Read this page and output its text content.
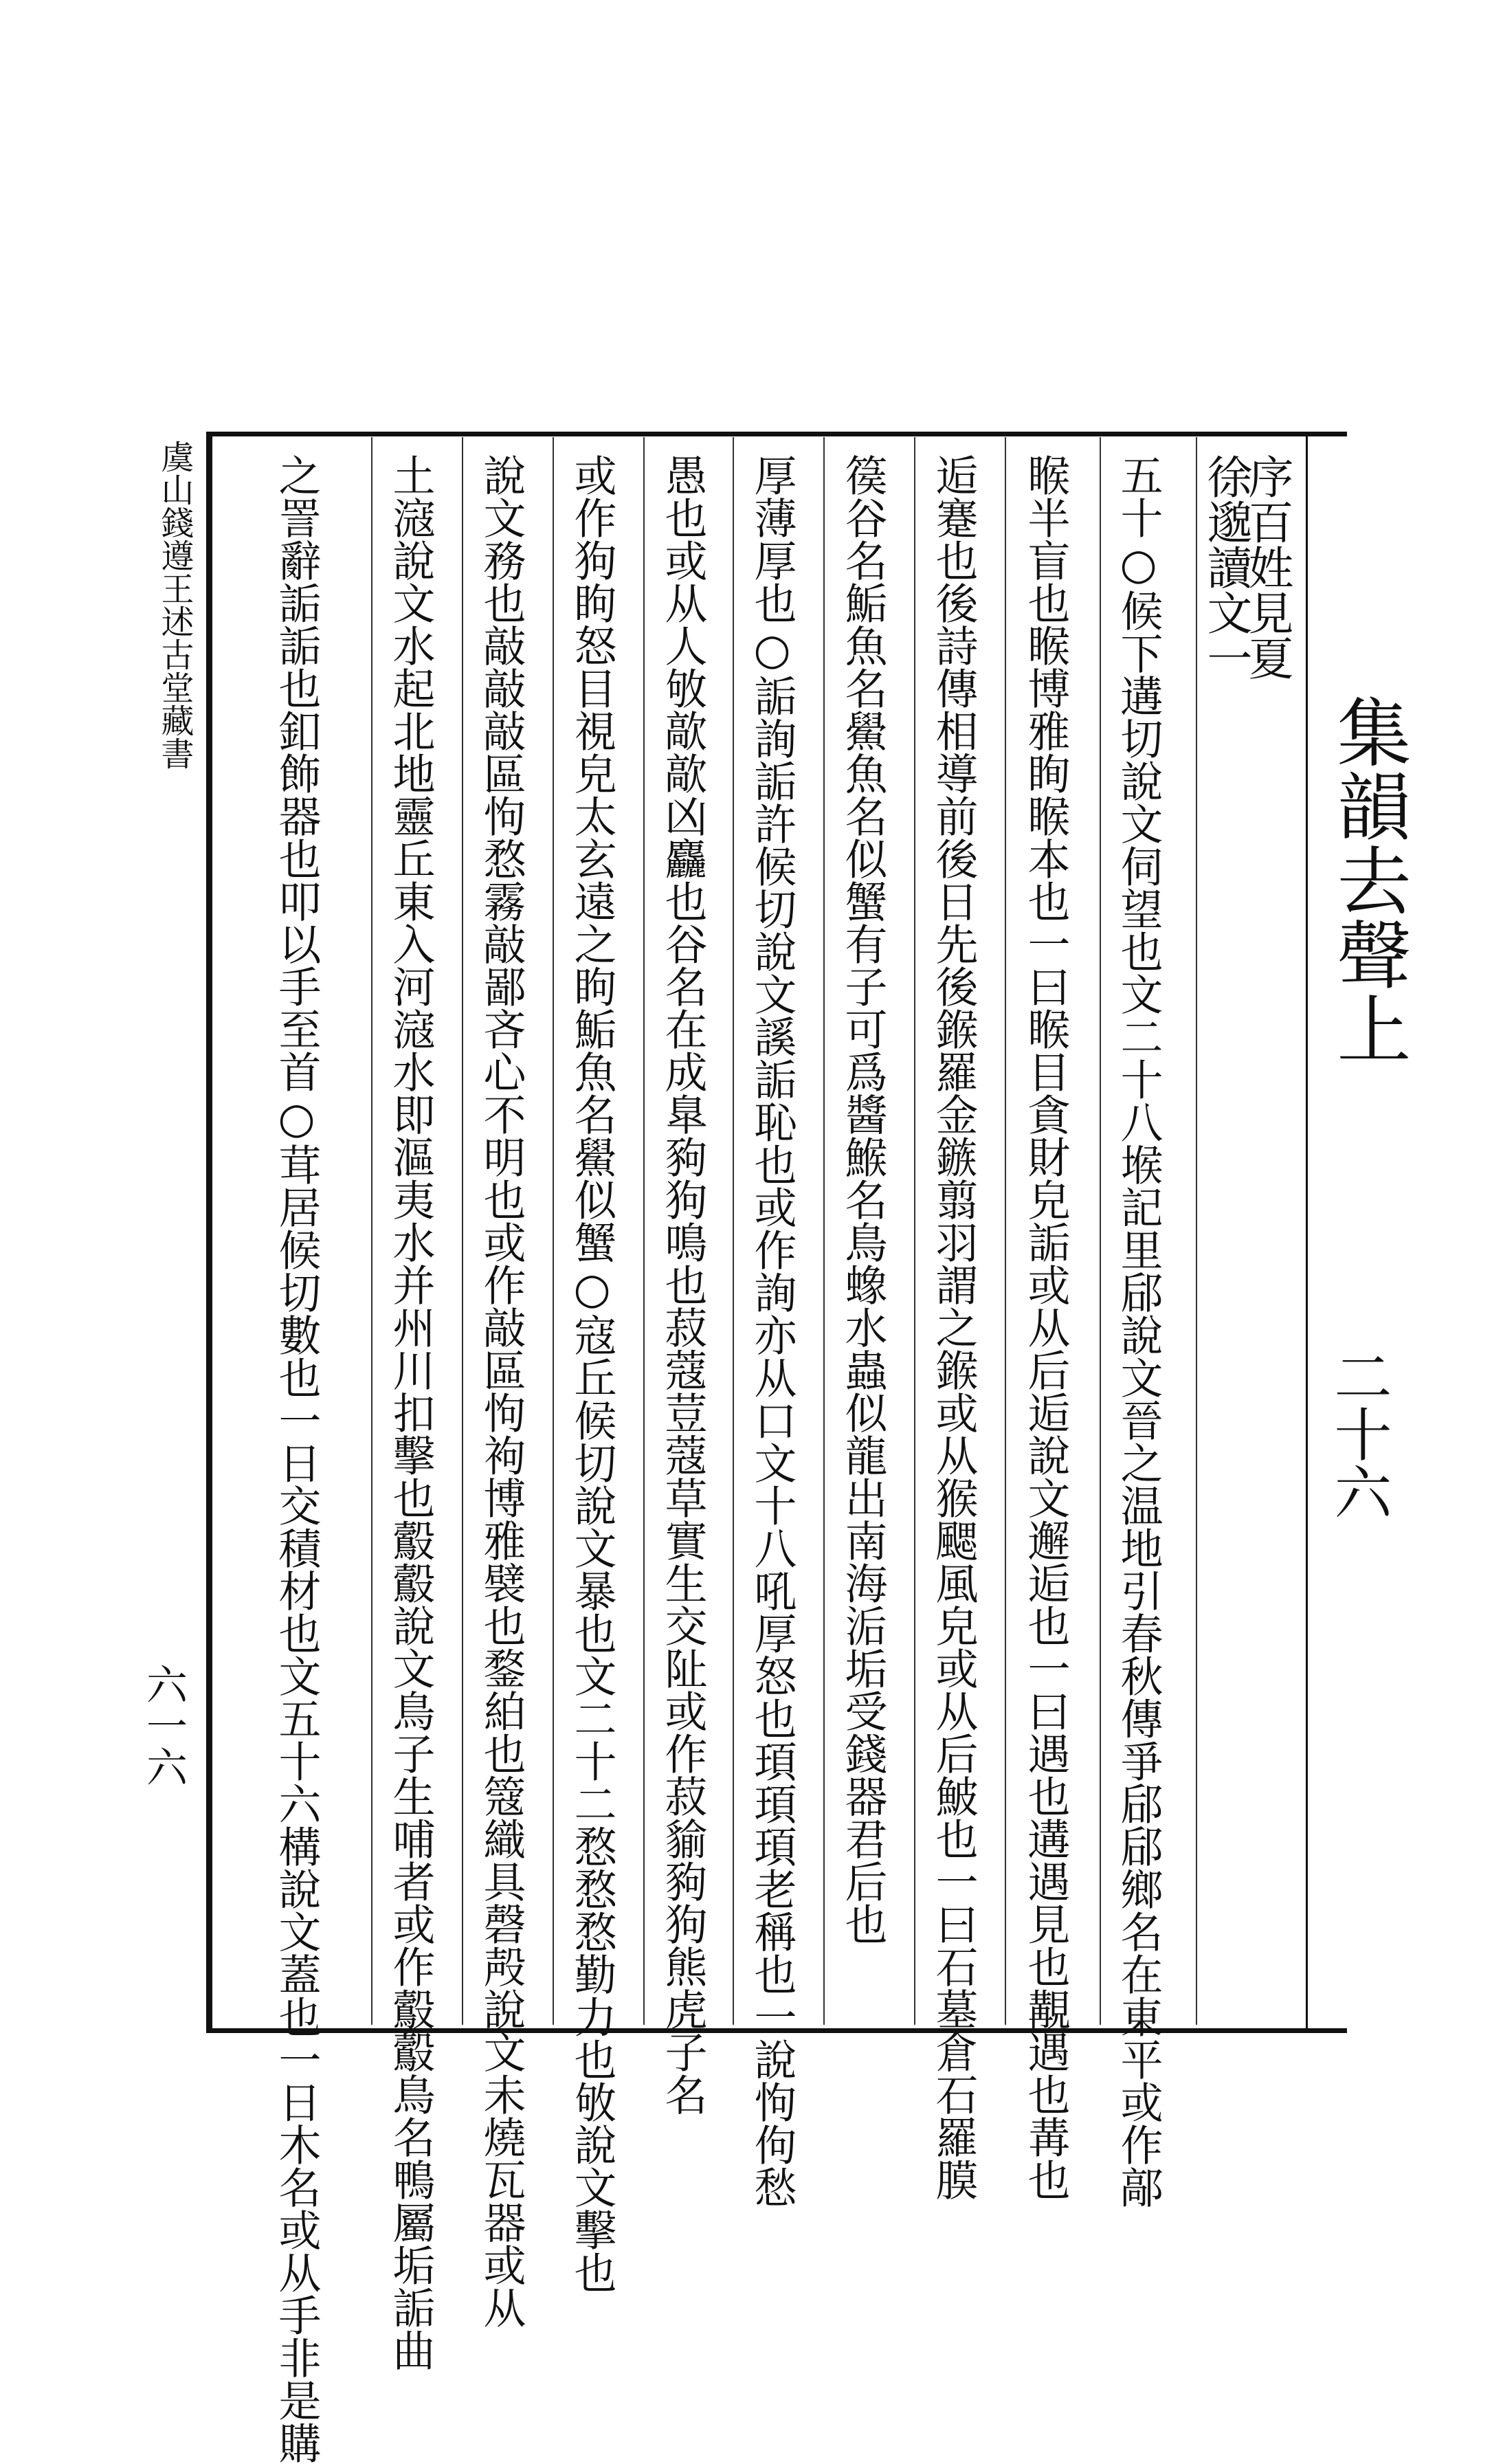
集韻去聲上
二十六
序百姓見夏
徐邈讀文一
虞山錢遵王述古堂藏書
六一六	五十○候下遘切說文伺望也文二十八堠記里郈說文晉之温地引春秋傳爭郈郈鄉名在東平或作鄗
睺半盲也睺博雅眴睺本也一曰睺目貪財皃詬或从后逅說文邂逅也一曰遇也遘遇見也覯遇也冓也
逅蹇也後詩傳相導前後日先後鍭羅金鏃翦羽謂之鍭或从猴颸風皃或从后鮍也一曰石墓倉石羅膜
篌谷名鮜魚名鱟魚名似蟹有子可爲醬鯸名鳥蟓水蟲似龍出南海洉垢受錢器君后也
厚薄厚也○詬詢詬許候切說文謑詬恥也或作詢亦从口文十八吼厚怒也頊頊頊老稱也一說怐佝愁
愚也或从人敂歊歊凶麤也谷名在成臯豞狗鳴也菽蔻荳蔻草實生交阯或作菽貐豞狗熊虎子名
或作狗眗怒目視皃太玄遠之眗鮜魚名鱟似蟹○寇丘候切說文暴也文二十二愗愗愗勤力也敂說文擊也
說文務也敲敲敲區怐愗霧敲鄙吝心不明也或作敲區怐袧博雅襞也鍪絈也簆織具磬殸說文未燒瓦器或从
土滱說文水起北地靈丘東入河滱水即漚夷水并州川扣擊也鷇鷇說文鳥子生哺者或作鷇鷇鳥名鴨屬垢詬曲
之詈辭詬詬也釦飾器也叩以手至首○茸居候切數也一日交積材也文五十六構說文蓋也一日木名或从手非是購
